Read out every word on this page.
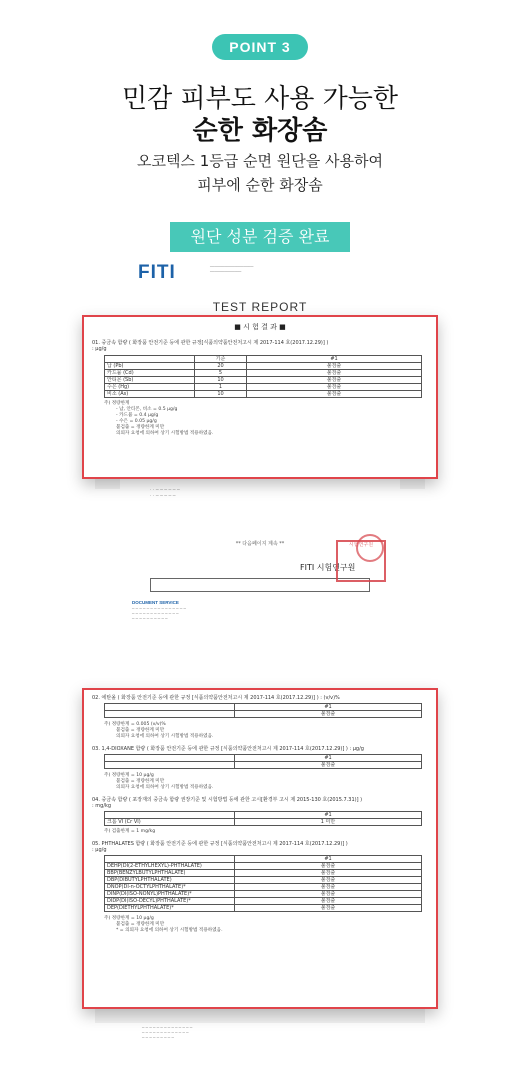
POINT 3
민감 피부도 사용 가능한
순한 화장솜
오코텍스 1등급 순면 원단을 사용하여
피부에 순한 화장솜
──────────────────
─────────────
· · ─ ─ ─ ─ ─ ─
· · ─ ─ ─ ─ ─
** 다음페이지 계속 **
DOCUMENT SERVICE
─ ─ ─ ─ ─ ─ ─ ─ ─ ─ ─ ─ ─ ─ ─
─ ─ ─ ─ ─ ─ ─ ─ ─ ─ ─ ─ ─
─ ─ ─ ─ ─ ─ ─ ─ ─ ─
FITI
TEST REPORT
FITI 시험연구원
시험연구원
원단 성분 검증 완료
■ 시 험 결 과 ■
01. 중금속 함량 ( 화장품 안전기준 등에 관한 규정[식품의약품안전처고시 제 2017-114 호(2017.12.29)] )
: μg/g
	기준	#1
납 (Pb)	20	불검출
카드뮴 (Cd)	5	불검출
안티몬 (Sb)	10	불검출
수은 (Hg)	1	불검출
비소 (As)	10	불검출
주) 정량한계
- 납, 안티몬, 비소 = 0.5 μg/g
- 카드뮴 = 0.4 μg/g
- 수은 = 0.05 μg/g
불검출 = 정량한계 미만
의뢰자 요청에 의하여 상기 시험방법 적용하였음.
─ ─ ─ ─ ─ ─ ─ ─ ─ ─ ─ ─ ─ ─
─ ─ ─ ─ ─ ─ ─ ─ ─ ─ ─ ─ ─
─ ─ ─ ─ ─ ─ ─ ─ ─
02. 에탄올 ( 화장품 안전기준 등에 관한 규정 [식품의약품안전처고시 제 2017-114 호(2017.12.29)] ) : (v/v)%
	#1
	불검출
주) 정량한계 = 0.005 (v/v)%
불검출 = 정량한계 미만
의뢰자 요청에 의하여 상기 시험방법 적용하였음.
03. 1,4-DIOXANE 함량 ( 화장품 안전기준 등에 관한 규정 [식품의약품안전처고시 제 2017-114 호(2017.12.29)] ) : μg/g
	#1
	불검출
주) 정량한계 = 10 μg/g
불검출 = 정량한계 미만
의뢰자 요청에 의하여 상기 시험방법 적용하였음.
04. 중금속 함량 ( 포장재의 중금속 함량 권장기준 및 시험방법 등에 관한 고시[환경부 고시 제 2015-130 호(2015.7.31)] )
: mg/kg
	#1
크롬 VI (Cr VI)	1 미만
주) 검출한계 = 1 mg/kg
05. PHTHALATES 함량 ( 화장품 안전기준 등에 관한 규정 [식품의약품안전처고시 제 2017-114 호(2017.12.29)] )
: μg/g
	#1
DEHP(DI(2-ETHYLHEXYL)-PHTHALATE)	불검출
BBP(BENZYLBUTYLPHTHALATE)	불검출
DBP(DIBUTYLPHTHALATE)	불검출
DNOP(DI-n-OCTYLPHTHALATE)*	불검출
DINP(DI(ISO-NONYL)PHTHALATE)*	불검출
DIDP(DI(ISO-DECYL)PHTHALATE)*	불검출
DEP(DIETHYLPHTHALATE)*	불검출
주) 정량한계 = 10 μg/g
불검출 = 정량한계 미만
* = 의뢰자 요청에 의하여 상기 시험방법 적용하였음.
